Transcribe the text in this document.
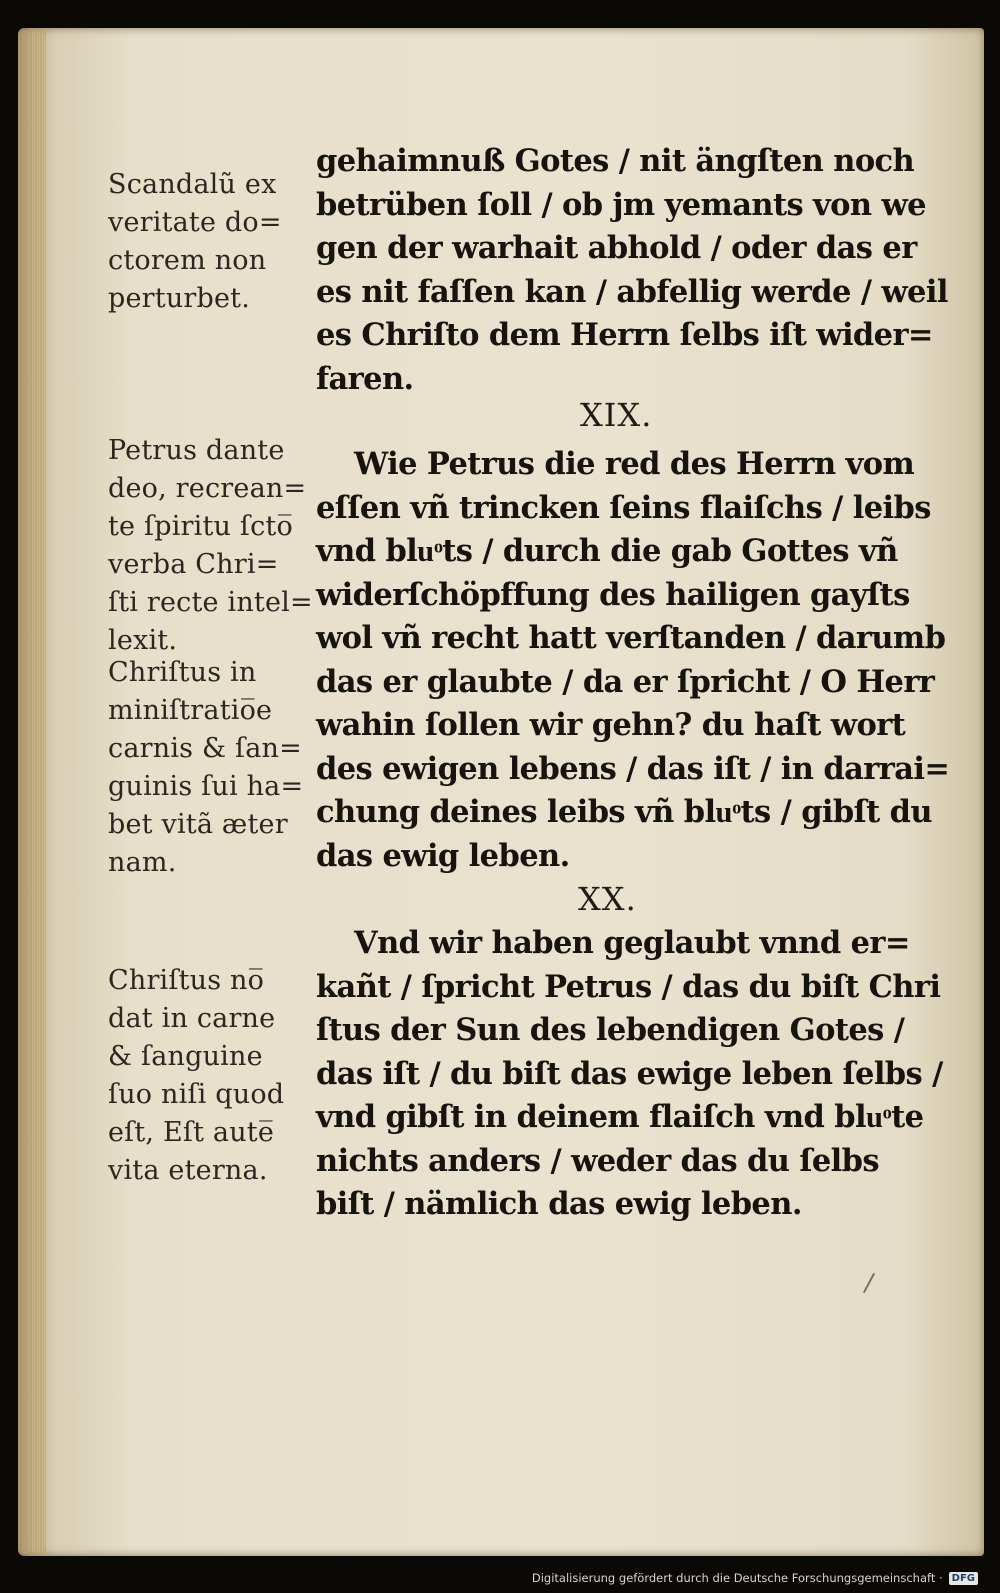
Scandalũ ex
veritate do=
ctorem non
perturbet.
Petrus dante
deo, recrean=
te ſpiritu ſcto̅
verba Chri=
ſti recte intel=
lexit.
Chriſtus in
miniſtratio̅e
carnis & ſan=
guinis ſui ha=
bet vitã æter
nam.
Chriſtus no̅
dat in carne
& ſanguine
ſuo niſi quod
eſt, Eſt aute̅
vita eterna.
gehaimnuß Gotes / nit ängſten noch
betrüben ſoll / ob jm yemants von we
gen der warhait abhold / oder das er
es nit faſſen kan / abfellig werde / weil
es Chriſto dem Herrn ſelbs iſt wider=
faren.
XIX.
Wie Petrus die red des Herrn vom
eſſen vñ trincken ſeins flaiſchs / leibs
vnd bluͦts / durch die gab Gottes vñ
widerſchöpffung des hailigen gayſts
wol vñ recht hatt verſtanden / darumb
das er glaubte / da er ſpricht / O Herr
wahin ſollen wir gehn? du haſt wort
des ewigen lebens / das iſt / in darrai=
chung deines leibs vñ bluͦts / gibſt du
das ewig leben.
XX.
Vnd wir haben geglaubt vnnd er=
kañt / ſpricht Petrus / das du biſt Chri
ſtus der Sun des lebendigen Gotes /
das iſt / du biſt das ewige leben ſelbs /
vnd gibſt in deinem flaiſch vnd bluͦte
nichts anders / weder das du ſelbs
biſt / nämlich das ewig leben.
Digitalisierung gefördert durch die Deutsche Forschungsgemeinschaft · DFG
